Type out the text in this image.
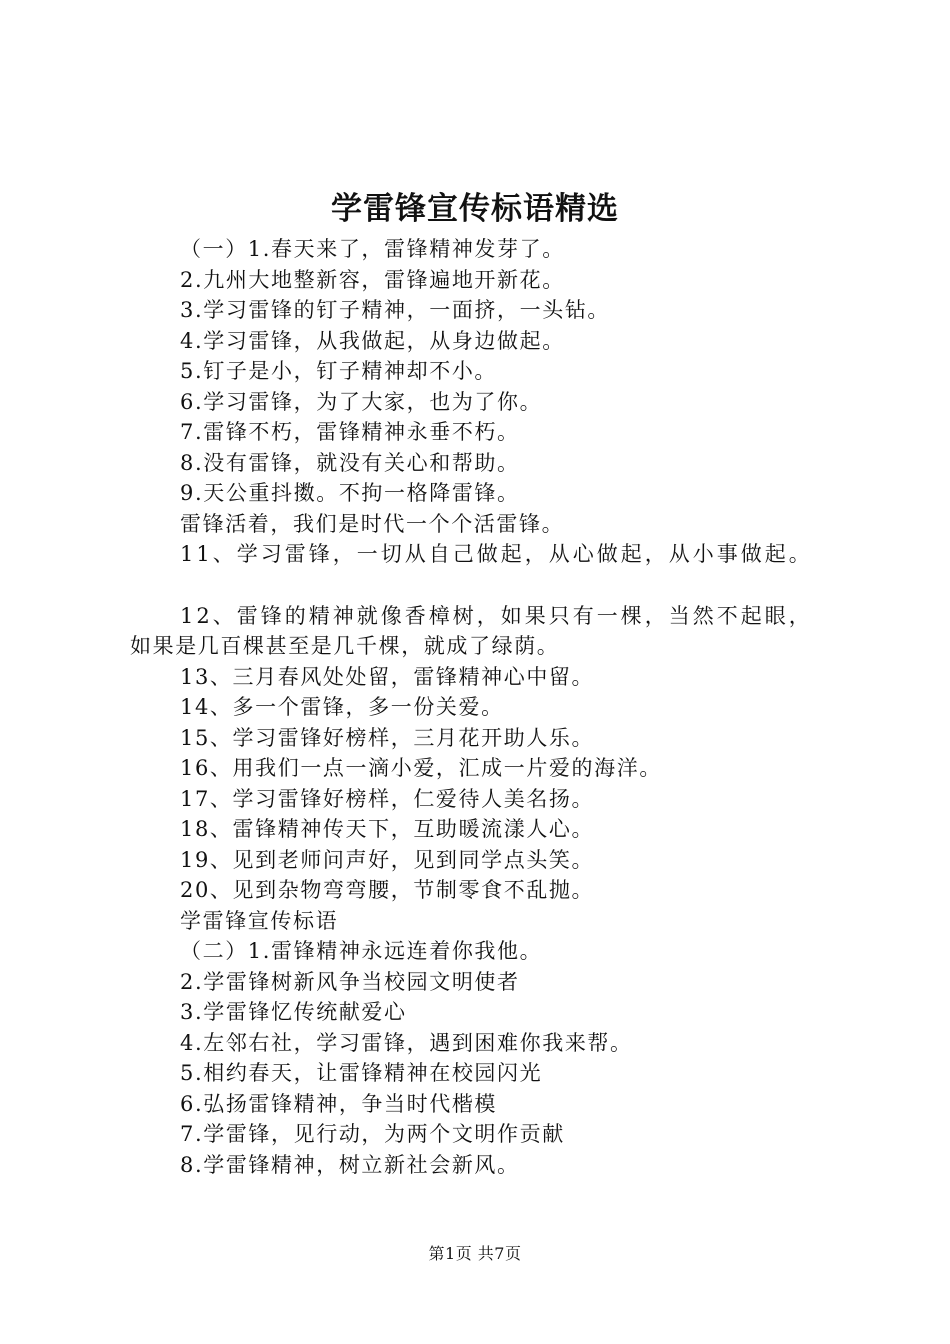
学雷锋宣传标语精选
（一）1.春天来了，雷锋精神发芽了。
2.九州大地整新容，雷锋遍地开新花。
3.学习雷锋的钉子精神，一面挤，一头钻。
4.学习雷锋，从我做起，从身边做起。
5.钉子是小，钉子精神却不小。
6.学习雷锋，为了大家，也为了你。
7.雷锋不朽，雷锋精神永垂不朽。
8.没有雷锋，就没有关心和帮助。
9.天公重抖擞。不拘一格降雷锋。
雷锋活着，我们是时代一个个活雷锋。
11、学习雷锋，一切从自己做起，从心做起，从小事做起。
12、雷锋的精神就像香樟树，如果只有一棵，当然不起眼，
如果是几百棵甚至是几千棵，就成了绿荫。
13、三月春风处处留，雷锋精神心中留。
14、多一个雷锋，多一份关爱。
15、学习雷锋好榜样，三月花开助人乐。
16、用我们一点一滴小爱，汇成一片爱的海洋。
17、学习雷锋好榜样，仁爱待人美名扬。
18、雷锋精神传天下，互助暖流漾人心。
19、见到老师问声好，见到同学点头笑。
20、见到杂物弯弯腰，节制零食不乱抛。
学雷锋宣传标语
（二）1.雷锋精神永远连着你我他。
2.学雷锋树新风争当校园文明使者
3.学雷锋忆传统献爱心
4.左邻右社，学习雷锋，遇到困难你我来帮。
5.相约春天，让雷锋精神在校园闪光
6.弘扬雷锋精神，争当时代楷模
7.学雷锋，见行动，为两个文明作贡献
8.学雷锋精神，树立新社会新风。
第1页 共7页
